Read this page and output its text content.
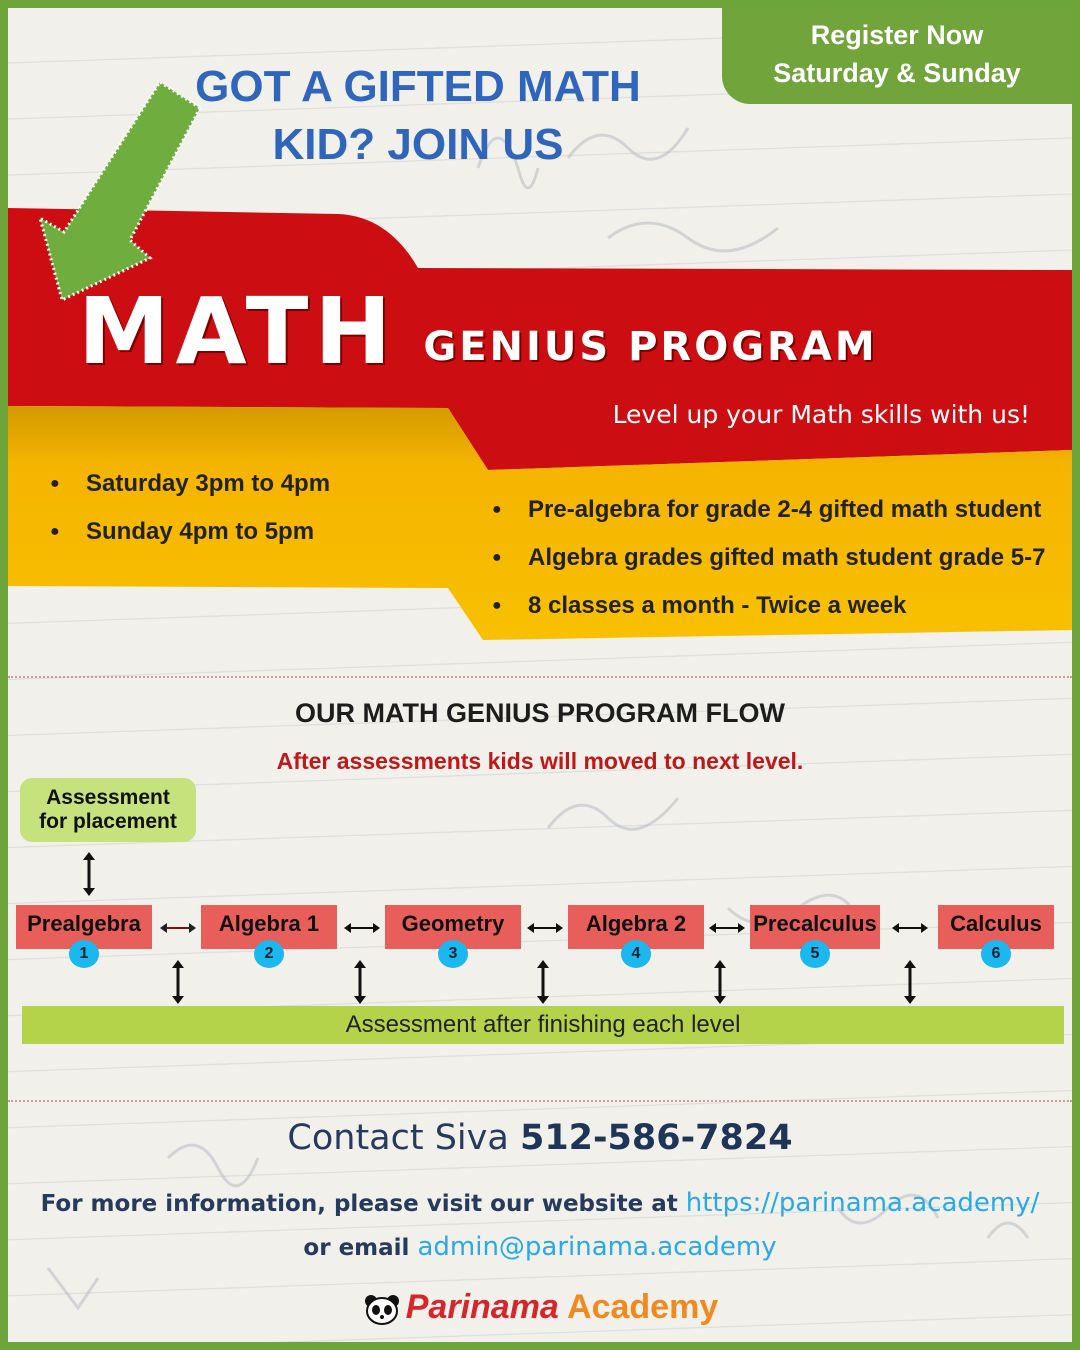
Register Now
Saturday & Sunday
GOT A GIFTED MATH
KID? JOIN US
MATH GENIUS PROGRAM
Level up your Math skills with us!
● Saturday 3pm to 4pm
● Sunday 4pm to 5pm
● Pre-algebra for grade 2-4 gifted math student
● Algebra grades gifted math student grade 5-7
● 8 classes a month - Twice a week
OUR MATH GENIUS PROGRAM FLOW
After assessments kids will moved to next level.
Assessment
for placement
Prealgebra
1
Algebra 1
2
Geometry
3
Algebra 2
4
Precalculus
5
Calculus
6
Assessment after finishing each level
Contact Siva 512-586-7824
For more information, please visit our website at https://parinama.academy/
or email admin@parinama.academy
Parinama Academy
